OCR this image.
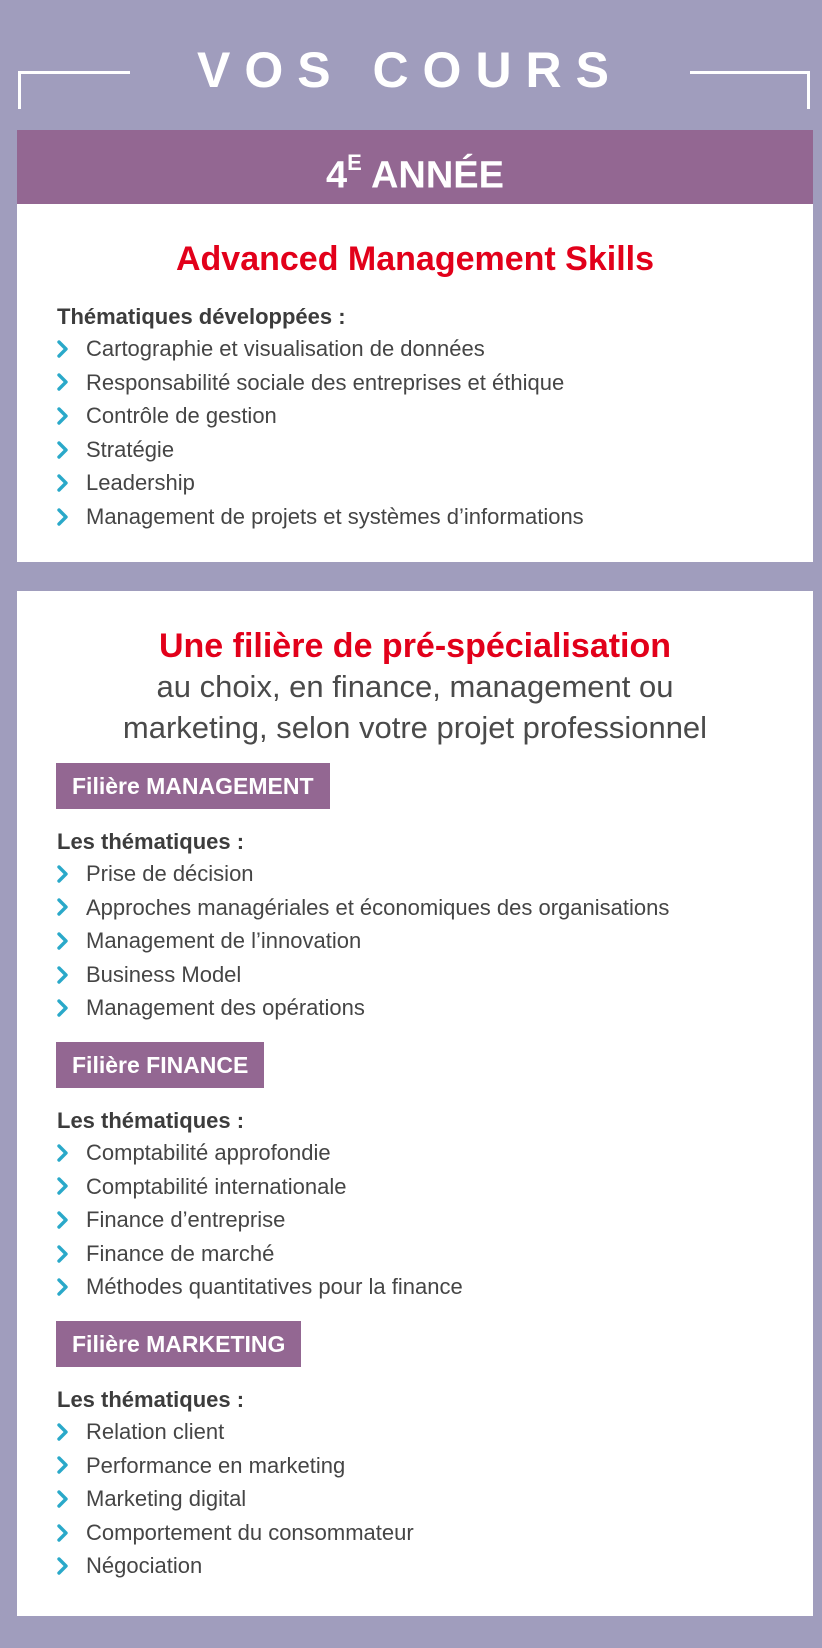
VOS COURS
$4^E$ ANNÉE
Advanced Management Skills
Thématiques développées :
Cartographie et visualisation de données
Responsabilité sociale des entreprises et éthique
Contrôle de gestion
Stratégie
Leadership
Management de projets et systèmes d’informations
Une filière de pré-spécialisation
au choix, en finance, management ou
marketing, selon votre projet professionnel
Filière MANAGEMENT
Les thématiques :
Prise de décision
Approches managériales et économiques des organisations
Management de l’innovation
Business Model
Management des opérations
Filière FINANCE
Les thématiques :
Comptabilité approfondie
Comptabilité internationale
Finance d’entreprise
Finance de marché
Méthodes quantitatives pour la finance
Filière MARKETING
Les thématiques :
Relation client
Performance en marketing
Marketing digital
Comportement du consommateur
Négociation
